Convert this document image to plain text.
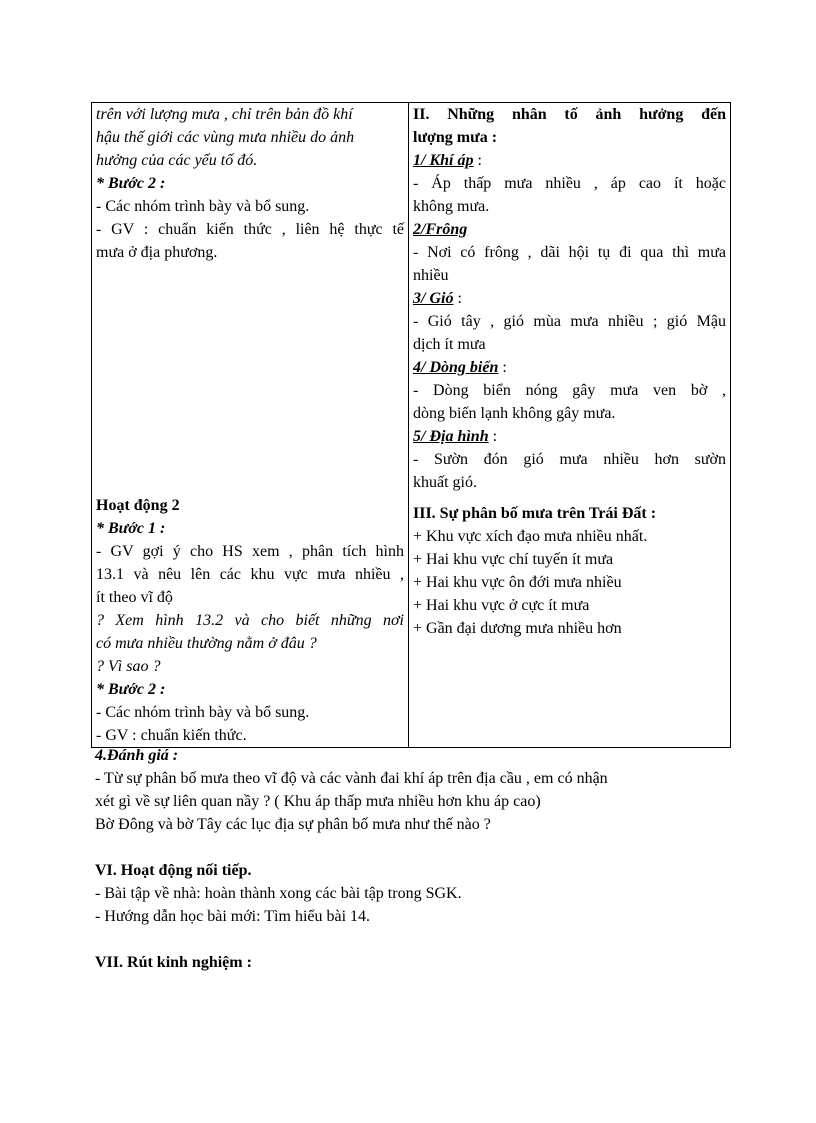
trên với lượng mưa , chỉ trên bản đồ khí
hậu thế giới các vùng mưa nhiều do ảnh
hưởng của các yếu tố đó.
* Bước 2 :
- Các nhóm trình bày và bổ sung.
- GV : chuẩn kiến thức , liên hệ thực tế
mưa ở địa phương.
Hoạt động 2
* Bước 1 :
- GV gợi ý cho HS xem , phân tích hình
13.1 và nêu lên các khu vực mưa nhiều ,
ít theo vĩ độ
? Xem hình 13.2 và cho biết những nơi
có mưa nhiều thường nằm ở đâu ?
? Vì sao ?
* Bước 2 :
- Các nhóm trình bày và bổ sung.
- GV : chuẩn kiến thức.

II. Những nhân tố ảnh hưởng đến
lượng mưa :
1/ Khí áp :
- Áp thấp mưa nhiều , áp cao ít hoặc
không mưa.
2/Frông
- Nơi có frông , dãi hội tụ đi qua thì mưa
nhiều
3/ Gió :
- Gió tây , gió mùa mưa nhiều ; gió Mậu
dịch ít mưa
4/ Dòng biển :
- Dòng biển nóng gây mưa ven bờ ,
dòng biển lạnh không gây mưa.
5/ Địa hình :
- Sườn đón gió mưa nhiều hơn sườn
khuất gió.
III. Sự phân bố mưa trên Trái Đất :
+ Khu vực xích đạo mưa nhiều nhất.
+ Hai khu vực chí tuyến ít mưa
+ Hai khu vực ôn đới mưa nhiều
+ Hai khu vực ở cực ít mưa
+ Gần đại dương mưa nhiều hơn
4.Đánh giá :
- Từ sự phân bố mưa theo vĩ độ và các vành đai khí áp trên địa cầu , em có nhận
xét gì về sự liên quan nầy ? ( Khu áp thấp mưa nhiều hơn khu áp cao)
Bờ Đông và bờ Tây các lục địa sự phân bố mưa như thế nào ?
VI. Hoạt động nối tiếp.
- Bài tập về nhà: hoàn thành xong các bài tập trong SGK.
- Hướng dẫn học bài mới: Tìm hiểu bài 14.
VII. Rút kinh nghiệm :
